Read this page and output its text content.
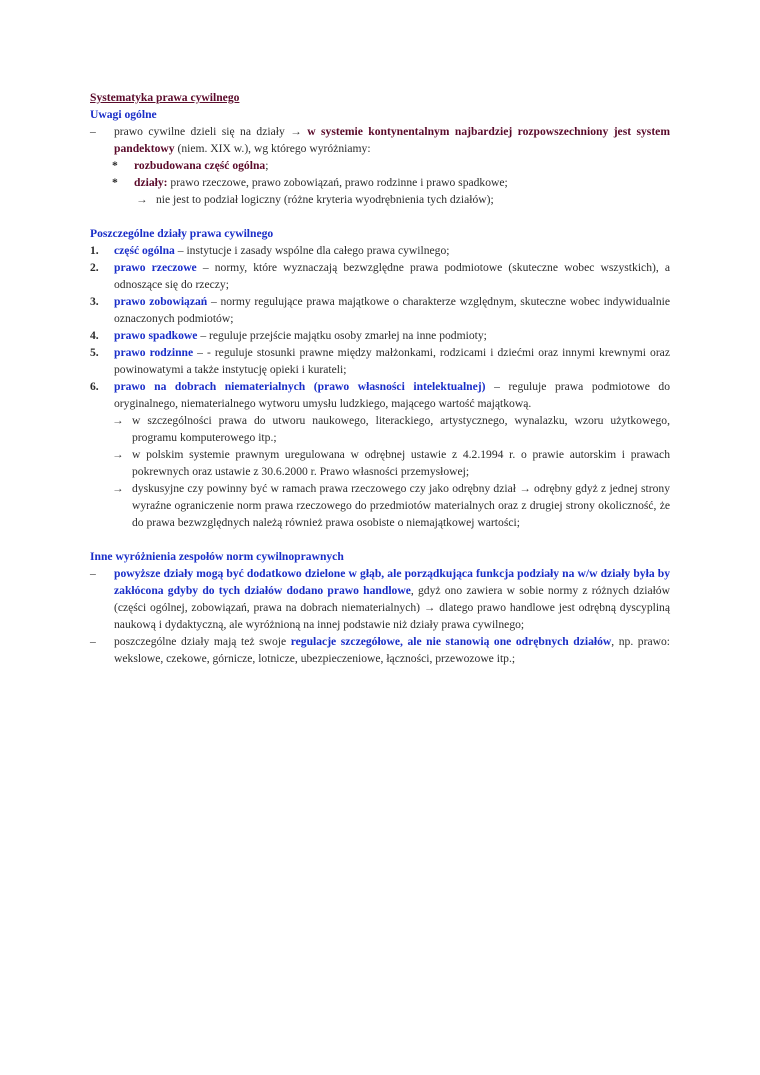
Systematyka prawa cywilnego
Uwagi ogólne
– prawo cywilne dzieli się na działy → w systemie kontynentalnym najbardziej rozpowszechniony jest system pandektowy (niem. XIX w.), wg którego wyróżniamy:
* rozbudowana część ogólna;
* działy: prawo rzeczowe, prawo zobowiązań, prawo rodzinne i prawo spadkowe;
→ nie jest to podział logiczny (różne kryteria wyodrębnienia tych działów);
Poszczególne działy prawa cywilnego
1. część ogólna – instytucje i zasady wspólne dla całego prawa cywilnego;
2. prawo rzeczowe – normy, które wyznaczają bezwzględne prawa podmiotowe (skuteczne wobec wszystkich), a odnoszące się do rzeczy;
3. prawo zobowiązań – normy regulujące prawa majątkowe o charakterze względnym, skuteczne wobec indywidualnie oznaczonych podmiotów;
4. prawo spadkowe – reguluje przejście majątku osoby zmarłej na inne podmioty;
5. prawo rodzinne – - reguluje stosunki prawne między małżonkami, rodzicami i dziećmi oraz innymi krewnymi oraz powinowatymi a także instytucję opieki i kurateli;
6. prawo na dobrach niematerialnych (prawo własności intelektualnej) – reguluje prawa podmiotowe do oryginalnego, niematerialnego wytworu umysłu ludzkiego, mającego wartość majątkową.
→ w szczególności prawa do utworu naukowego, literackiego, artystycznego, wynalazku, wzoru użytkowego, programu komputerowego itp.;
→ w polskim systemie prawnym uregulowana w odrębnej ustawie z 4.2.1994 r. o prawie autorskim i prawach pokrewnych oraz ustawie z 30.6.2000 r. Prawo własności przemysłowej;
→ dyskusyjne czy powinny być w ramach prawa rzeczowego czy jako odrębny dział → odrębny gdyż z jednej strony wyraźne ograniczenie norm prawa rzeczowego do przedmiotów materialnych oraz z drugiej strony okoliczność, że do prawa bezwzględnych należą również prawa osobiste o niemajątkowej wartości;
Inne wyróżnienia zespołów norm cywilnoprawnych
– powyższe działy mogą być dodatkowo dzielone w głąb, ale porządkująca funkcja podziały na w/w działy była by zakłócona gdyby do tych działów dodano prawo handlowe, gdyż ono zawiera w sobie normy z różnych działów (części ogólnej, zobowiązań, prawa na dobrach niematerialnych) → dlatego prawo handlowe jest odrębną dyscypliną naukową i dydaktyczną, ale wyróżnioną na innej podstawie niż działy prawa cywilnego;
– poszczególne działy mają też swoje regulacje szczegółowe, ale nie stanowią one odrębnych działów, np. prawo: wekslowe, czekowe, górnicze, lotnicze, ubezpieczeniowe, łączności, przewozowe itp.;
